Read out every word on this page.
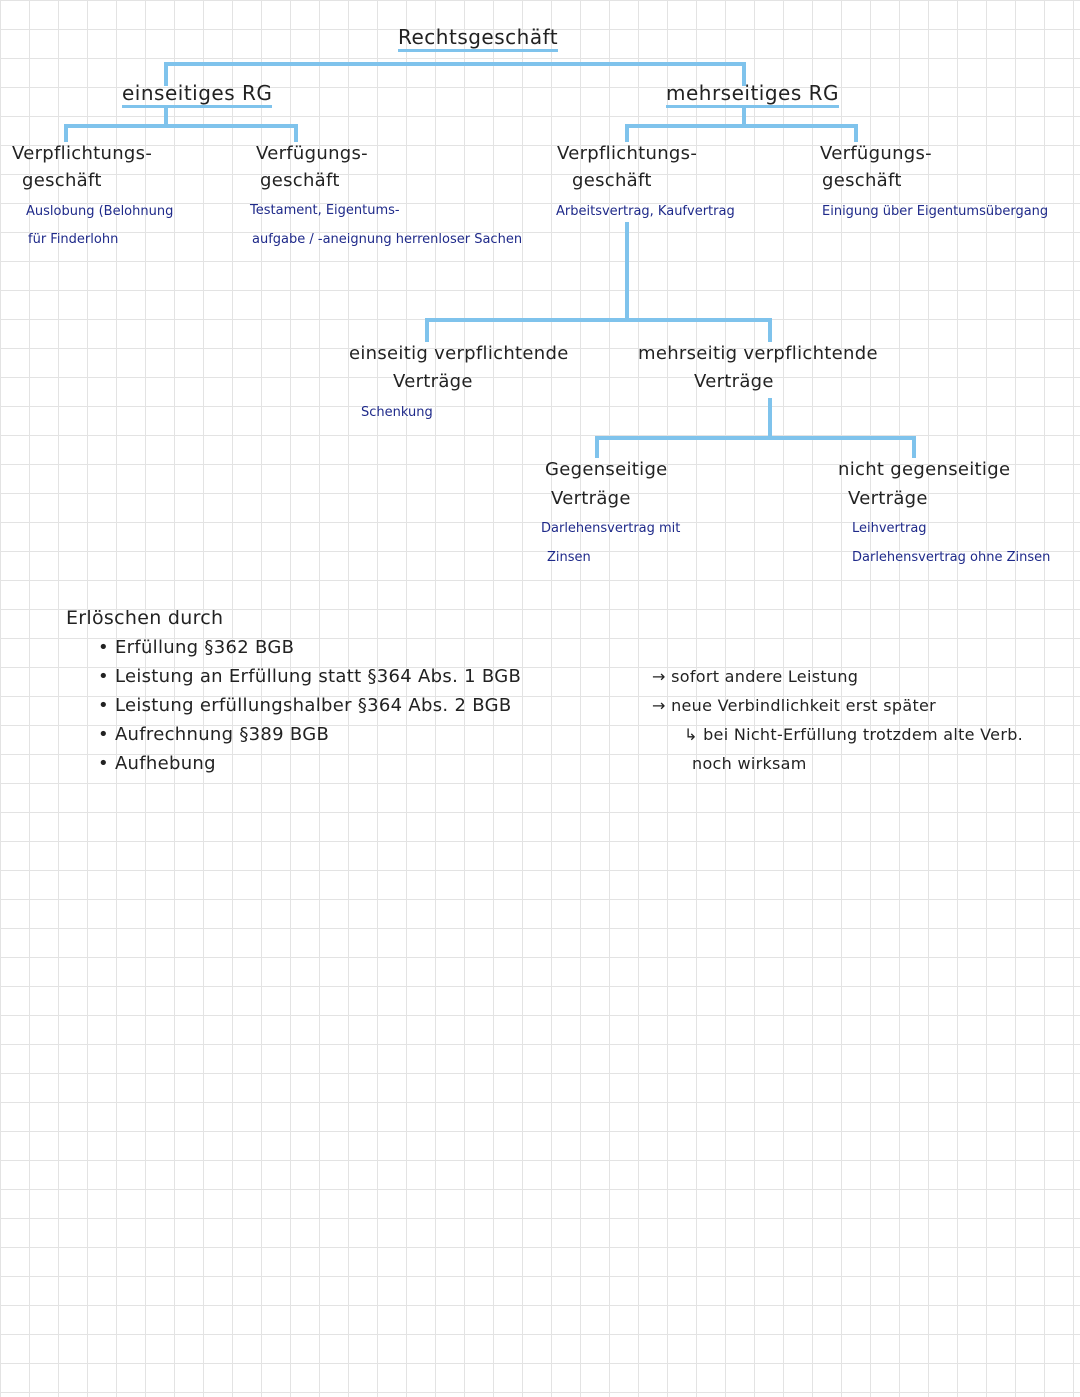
Rechtsgeschäft
einseitiges RG	mehrseitiges RG
Verpflichtungs-
geschäft
Auslobung (Belohnung
für Finderlohn
Verfügungs-
geschäft
Testament, Eigentums-
aufgabe / -aneignung herrenloser Sachen
Verpflichtungs-
geschäft
Arbeitsvertrag, Kaufvertrag
Verfügungs-
geschäft
Einigung über Eigentumsübergang
einseitig verpflichtende
Verträge
Schenkung
mehrseitig verpflichtende
Verträge
Gegenseitige
Verträge
Darlehensvertrag mit
Zinsen
nicht gegenseitige
Verträge
Leihvertrag
Darlehensvertrag ohne Zinsen
Erlöschen durch
• Erfüllung §362 BGB
• Leistung an Erfüllung statt §364 Abs. 1 BGB
• Leistung erfüllungshalber §364 Abs. 2 BGB
• Aufrechnung §389 BGB
• Aufhebung
→ sofort andere Leistung
→ neue Verbindlichkeit erst später
↳ bei Nicht-Erfüllung trotzdem alte Verb.
noch wirksam
